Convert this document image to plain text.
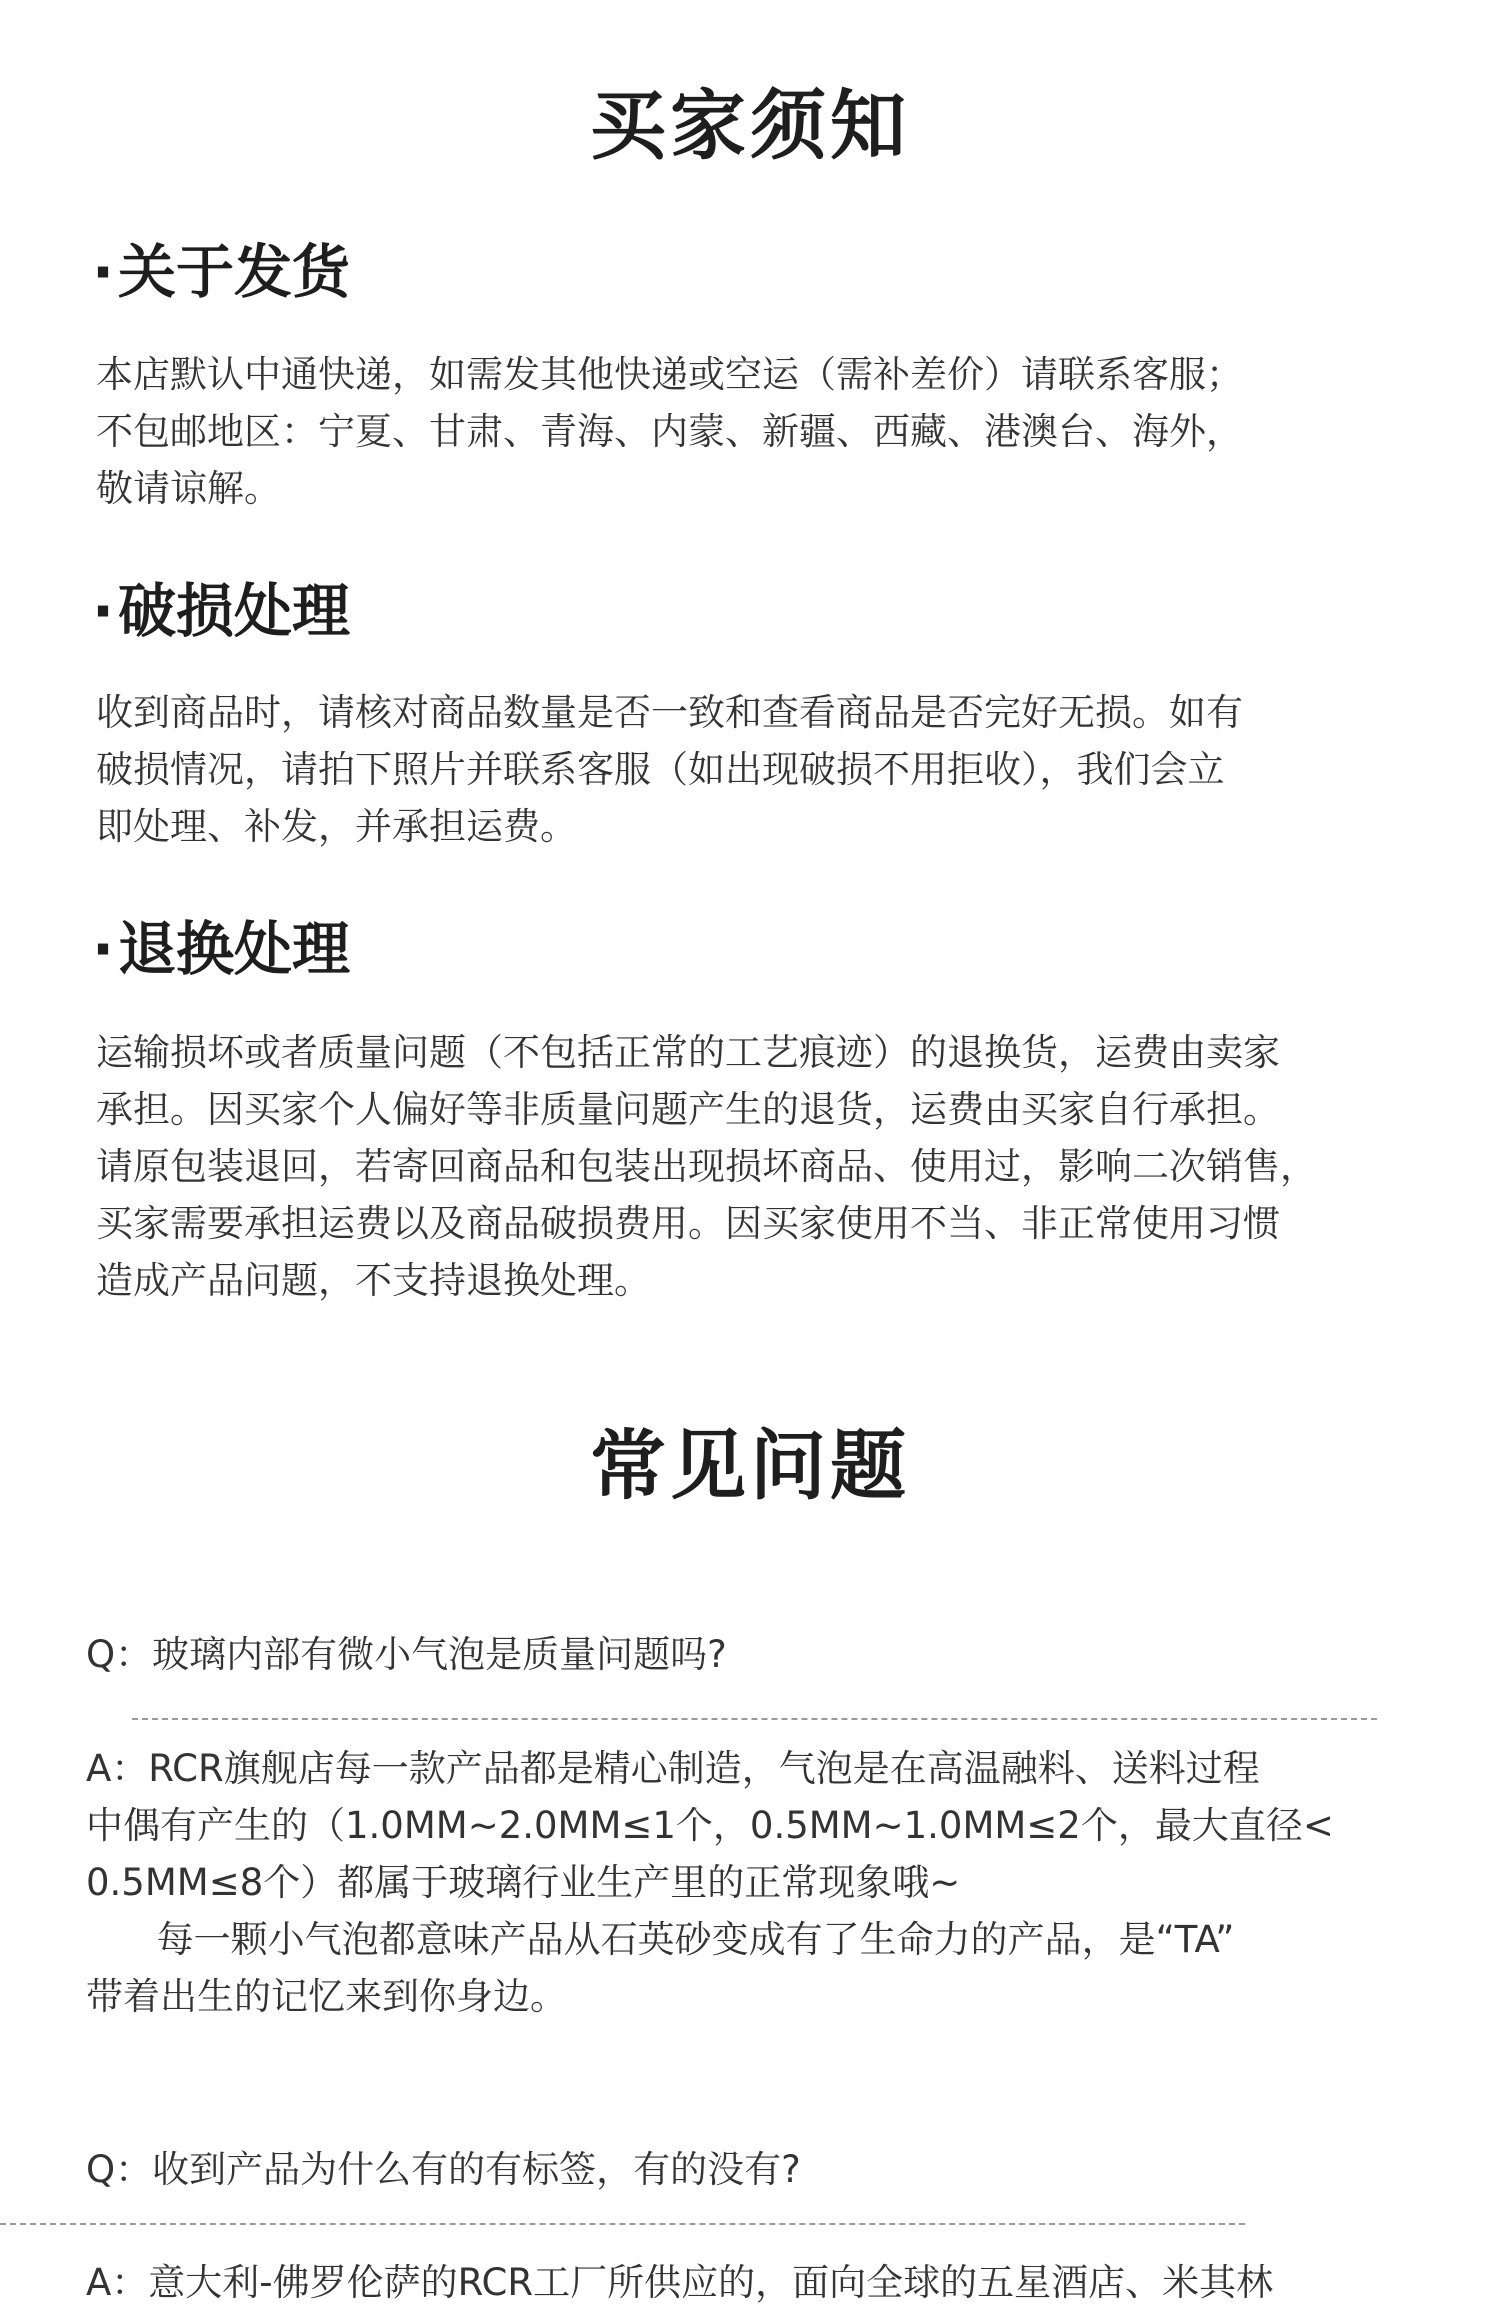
买家须知
·关于发货
本店默认中通快递，如需发其他快递或空运（需补差价）请联系客服；
不包邮地区：宁夏、甘肃、青海、内蒙、新疆、西藏、港澳台、海外，
敬请谅解。
·破损处理
收到商品时，请核对商品数量是否一致和查看商品是否完好无损。如有
破损情况，请拍下照片并联系客服（如出现破损不用拒收），我们会立
即处理、补发，并承担运费。
·退换处理
运输损坏或者质量问题（不包括正常的工艺痕迹）的退换货，运费由卖家
承担。因买家个人偏好等非质量问题产生的退货，运费由买家自行承担。
请原包装退回，若寄回商品和包装出现损坏商品、使用过，影响二次销售，
买家需要承担运费以及商品破损费用。因买家使用不当、非正常使用习惯
造成产品问题，不支持退换处理。
常见问题
Q：玻璃内部有微小气泡是质量问题吗?
A：RCR旗舰店每一款产品都是精心制造，气泡是在高温融料、送料过程
中偶有产生的（1.0MM~2.0MM≤1个，0.5MM~1.0MM≤2个，最大直径<
0.5MM≤8个）都属于玻璃行业生产里的正常现象哦~
每一颗小气泡都意味产品从石英砂变成有了生命力的产品，是“TA”
带着出生的记忆来到你身边。
Q：收到产品为什么有的有标签，有的没有?
A：意大利-佛罗伦萨的RCR工厂所供应的，面向全球的五星酒店、米其林
